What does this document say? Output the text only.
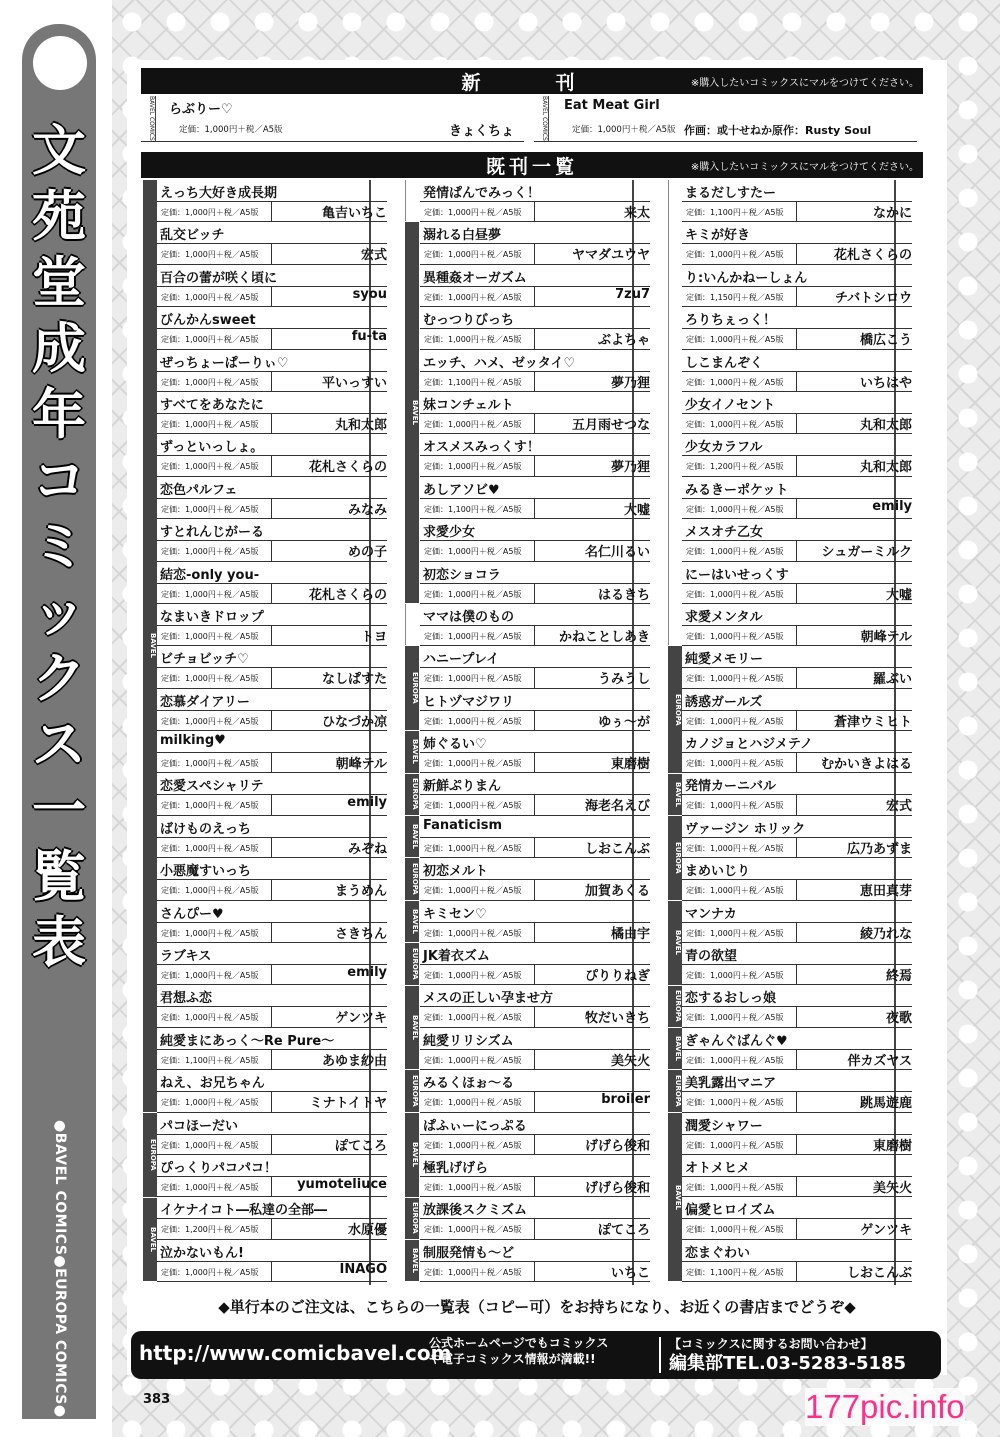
文
苑
堂
成
年
コ
ミ
ッ
ク
ス
一
覧
表
●BAVEL COMICS●EUROPA COMICS●
新　刊	※購入したいコミックスにマルをつけてください。
BAVEL COMICS らぶりー♡
定価：1,000円＋税／A5版	きょくちょ	BAVEL COMICS Eat Meat Girl
定価：1,000円＋税／A5版 作画：或十せねか原作：Rusty Soul
既刊一覧	※購入したいコミックスにマルをつけてください。
BAVEL
EUROPA
BAVEL
BAVEL
EUROPA
BAVEL
EUROPA
BAVEL
EUROPA
BAVEL
EUROPA
BAVEL
EUROPA
BAVEL
EUROPA
BAVEL
EUROPA
BAVEL
EUROPA
BAVEL
EUROPA
BAVEL
EUROPA
BAVEL
えっち大好き成長期
定価：1,000円＋税／A5版	亀吉いちこ
乱交ビッチ
定価：1,000円＋税／A5版	宏式
百合の蕾が咲く頃に
定価：1,000円＋税／A5版	syou
びんかんsweet
定価：1,000円＋税／A5版	fu-ta
ぜっちょーぱーりぃ♡
定価：1,000円＋税／A5版	平いっすい
すべてをあなたに
定価：1,000円＋税／A5版	丸和太郎
ずっといっしょ。
定価：1,000円＋税／A5版	花札さくらの
恋色パルフェ
定価：1,000円＋税／A5版	みなみ
すとれんじがーる
定価：1,000円＋税／A5版	めの子
結恋-only you-
定価：1,000円＋税／A5版	花札さくらの
なまいきドロップ
定価：1,000円＋税／A5版	トヨ
ビチョビッチ♡
定価：1,000円＋税／A5版	なしぱすた
恋慕ダイアリー
定価：1,000円＋税／A5版	ひなづか凉
milking♥
定価：1,000円＋税／A5版	朝峰テル
恋愛スペシャリテ
定価：1,000円＋税／A5版	emily
ばけものえっち
定価：1,000円＋税／A5版	みぞね
小悪魔すいっち
定価：1,000円＋税／A5版	まうめん
さんぴー♥
定価：1,000円＋税／A5版	さきちん
ラブキス
定価：1,000円＋税／A5版	emily
君想ふ恋
定価：1,000円＋税／A5版	ゲンツキ
純愛まにあっく～Re Pure～
定価：1,100円＋税／A5版	あゆま紗由
ねえ、お兄ちゃん
定価：1,000円＋税／A5版	ミナトイトヤ
パコほーだい
定価：1,000円＋税／A5版	ぽてころ
ぴっくりパコパコ！
定価：1,000円＋税／A5版	yumoteliuce
イケナイコト―私達の全部―
定価：1,200円＋税／A5版	水原優
泣かないもん!
定価：1,000円＋税／A5版	INAGO
発情ぱんでみっく！
定価：1,000円＋税／A5版	来太
溺れる白昼夢
定価：1,000円＋税／A5版	ヤマダユウヤ
異種姦オーガズム
定価：1,000円＋税／A5版	7zu7
むっつりびっち
定価：1,000円＋税／A5版	ぶよちゃ
エッチ、ハメ、ゼッタイ♡
定価：1,100円＋税／A5版	夢乃狸
妹コンチェルト
定価：1,000円＋税／A5版	五月雨せつな
オスメスみっくす！
定価：1,000円＋税／A5版	夢乃狸
あしアソビ♥
定価：1,100円＋税／A5版	大嘘
求愛少女
定価：1,000円＋税／A5版	名仁川るい
初恋ショコラ
定価：1,000円＋税／A5版	はるきち
ママは僕のもの
定価：1,000円＋税／A5版	かねことしあき
ハニープレイ
定価：1,000円＋税／A5版	うみうし
ヒトヅマジワリ
定価：1,000円＋税／A5版	ゆぅ～が
姉ぐるい♡
定価：1,000円＋税／A5版	東磨樹
新鮮ぷりまん
定価：1,000円＋税／A5版	海老名えび
Fanaticism
定価：1,000円＋税／A5版	しおこんぶ
初恋メルト
定価：1,000円＋税／A5版	加賀あくる
キミセン♡
定価：1,000円＋税／A5版	橘由宇
JK着衣ズム
定価：1,000円＋税／A5版	ぴりりねぎ
メスの正しい孕ませ方
定価：1,000円＋税／A5版	牧だいきち
純愛リリシズム
定価：1,000円＋税／A5版	美矢火
みるくほぉ～る
定価：1,000円＋税／A5版	broiler
ぱふぃーにっぷる
定価：1,000円＋税／A5版	げげら俊和
極乳げげら
定価：1,000円＋税／A5版	げげら俊和
放課後スクミズム
定価：1,000円＋税／A5版	ぽてころ
制服発情も～ど
定価：1,000円＋税／A5版	いちこ
まるだしすたー
定価：1,100円＋税／A5版	なかに
キミが好き
定価：1,000円＋税／A5版	花札さくらの
り:いんかねーしょん
定価：1,150円＋税／A5版	チバトシロウ
ろりちぇっく！
定価：1,000円＋税／A5版	橋広こう
しこまんぞく
定価：1,000円＋税／A5版	いちはや
少女イノセント
定価：1,000円＋税／A5版	丸和太郎
少女カラフル
定価：1,200円＋税／A5版	丸和太郎
みるきーポケット
定価：1,000円＋税／A5版	emily
メスオチ乙女
定価：1,000円＋税／A5版	シュガーミルク
にーはいせっくす
定価：1,000円＋税／A5版	大嘘
求愛メンタル
定価：1,000円＋税／A5版	朝峰テル
純愛メモリー
定価：1,000円＋税／A5版	羅ぶい
誘惑ガールズ
定価：1,000円＋税／A5版	蒼津ウミヒト
カノジョとハジメテノ
定価：1,000円＋税／A5版	むかいきよはる
発情カーニバル
定価：1,000円＋税／A5版	宏式
ヴァージン ホリック
定価：1,000円＋税／A5版	広乃あずま
まめいじり
定価：1,000円＋税／A5版	恵田真芽
マンナカ
定価：1,000円＋税／A5版	綾乃れな
青の欲望
定価：1,000円＋税／A5版	終焉
恋するおしっ娘
定価：1,000円＋税／A5版	夜歌
ぎゃんぐばんぐ♥
定価：1,000円＋税／A5版	伴カズヤス
美乳露出マニア
定価：1,000円＋税／A5版	跳馬遊鹿
潤愛シャワー
定価：1,000円＋税／A5版	東磨樹
オトメヒメ
定価：1,000円＋税／A5版	美矢火
偏愛ヒロイズム
定価：1,000円＋税／A5版	ゲンツキ
恋まぐわい
定価：1,100円＋税／A5版	しおこんぶ
◆単行本のご注文は、こちらの一覧表（コピー可）をお持ちになり、お近くの書店までどうぞ◆
http://www.comicbavel.com
公式ホームページでもコミックス
や電子コミックス情報が満載!!
【コミックスに関するお問い合わせ】
編集部TEL.03-5283-5185
383	177pic.info
